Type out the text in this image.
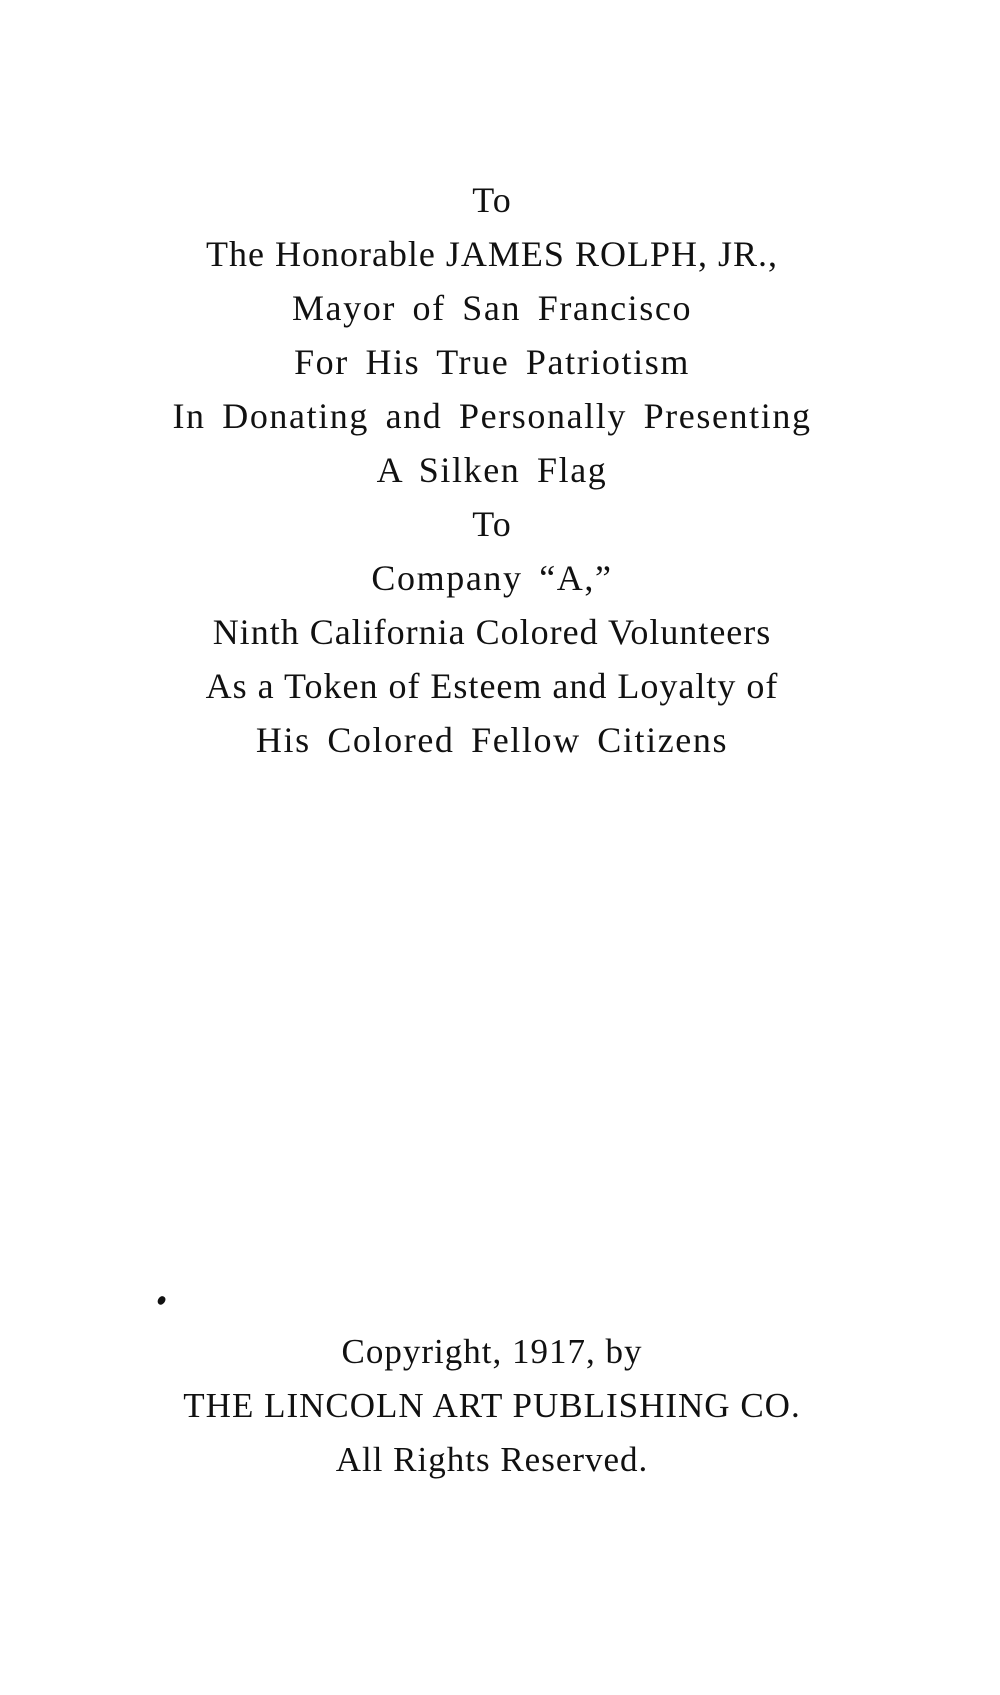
To
The Honorable JAMES ROLPH, JR.,
Mayor of San Francisco
For His True Patriotism
In Donating and Personally Presenting
A Silken Flag
To
Company “A,”
Ninth California Colored Volunteers
As a Token of Esteem and Loyalty of
His Colored Fellow Citizens
Copyright, 1917, by
THE LINCOLN ART PUBLISHING CO.
All Rights Reserved.
